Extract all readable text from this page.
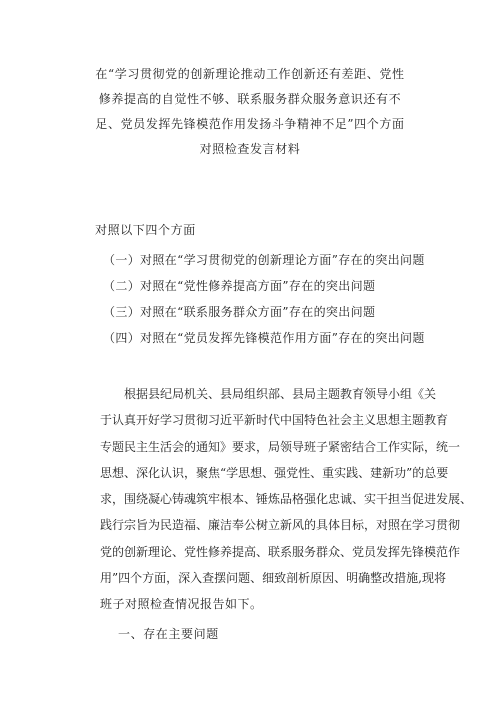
在“学习贯彻党的创新理论推动工作创新还有差距、党性
修养提高的自觉性不够、联系服务群众服务意识还有不
足、党员发挥先锋模范作用发扬斗争精神不足”四个方面
对照检查发言材料
对照以下四个方面
（一）对照在“学习贯彻党的创新理论方面”存在的突出问题
（二）对照在“党性修养提高方面”存在的突出问题
（三）对照在“联系服务群众方面”存在的突出问题
（四）对照在“党员发挥先锋模范作用方面”存在的突出问题
根据县纪局机关、县局组织部、县局主题教育领导小组《关
于认真开好学习贯彻习近平新时代中国特色社会主义思想主题教育
专题民主生活会的通知》要求，局领导班子紧密结合工作实际，统一
思想、深化认识，聚焦“学思想、强党性、重实践、建新功”的总要
求，围绕凝心铸魂筑牢根本、锤炼品格强化忠诚、实干担当促进发展、
践行宗旨为民造福、廉洁奉公树立新风的具体目标，对照在学习贯彻
党的创新理论、党性修养提高、联系服务群众、党员发挥先锋模范作
用”四个方面，深入查摆问题、细致剖析原因、明确整改措施,现将
班子对照检查情况报告如下。
一、存在主要问题
